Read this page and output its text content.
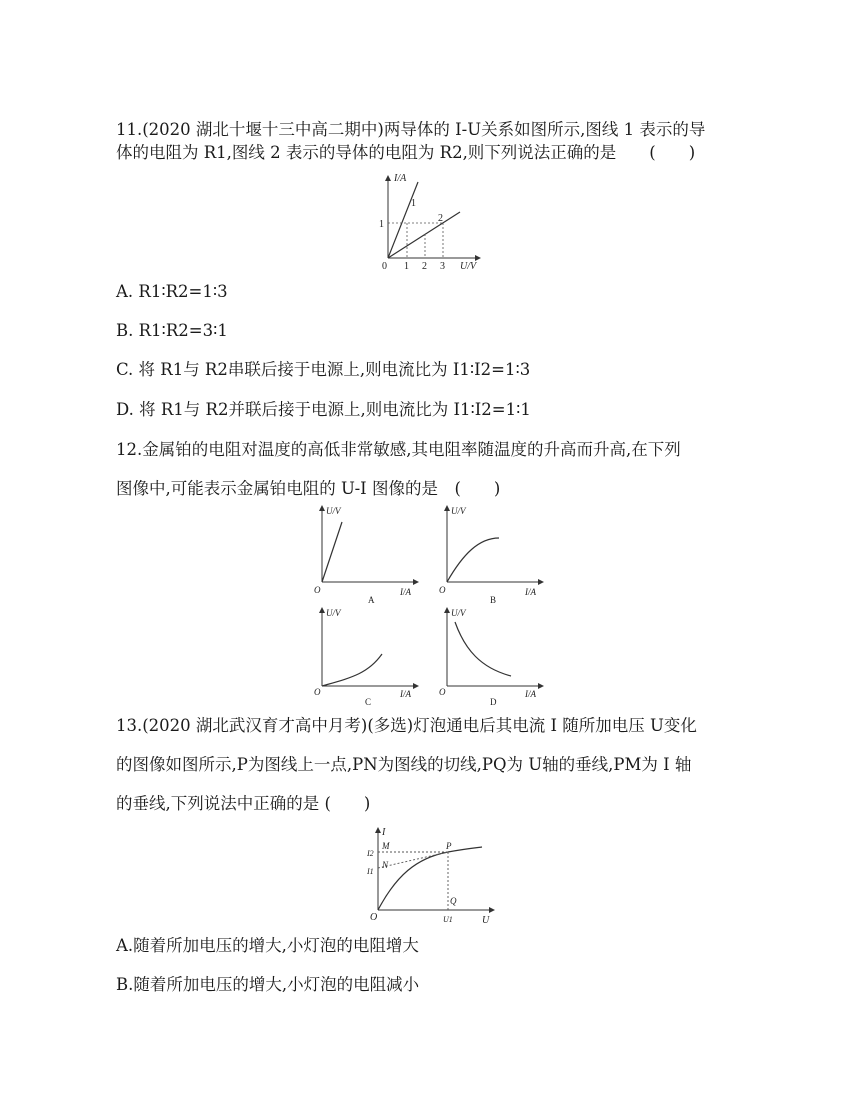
11.(2020 湖北十堰十三中高二期中)两导体的 I-U关系如图所示,图线 1 表示的导
体的电阻为 R1,图线 2 表示的导体的电阻为 R2,则下列说法正确的是　　(　　)
I/A
U/V
0 1 2 3
1
1
2
A. R1∶R2=1∶3
B. R1∶R2=3∶1
C. 将 R1与 R2串联后接于电源上,则电流比为 I1∶I2=1∶3
D. 将 R1与 R2并联后接于电源上,则电流比为 I1∶I2=1∶1
12.金属铂的电阻对温度的高低非常敏感,其电阻率随温度的升高而升高,在下列
图像中,可能表示金属铂电阻的 U-I 图像的是　(　　)
U/V
I/A
O
A
U/V
I/A
O
B
U/V
I/A
O
C
U/V
I/A
O
D
13.(2020 湖北武汉育才高中月考)(多选)灯泡通电后其电流 I 随所加电压 U变化
的图像如图所示,P为图线上一点,PN为图线的切线,PQ为 U轴的垂线,PM为 I 轴
的垂线,下列说法中正确的是 (　　)
I
U
O
M
N
P
Q
I2
I1
U1
A.随着所加电压的增大,小灯泡的电阻增大
B.随着所加电压的增大,小灯泡的电阻减小
